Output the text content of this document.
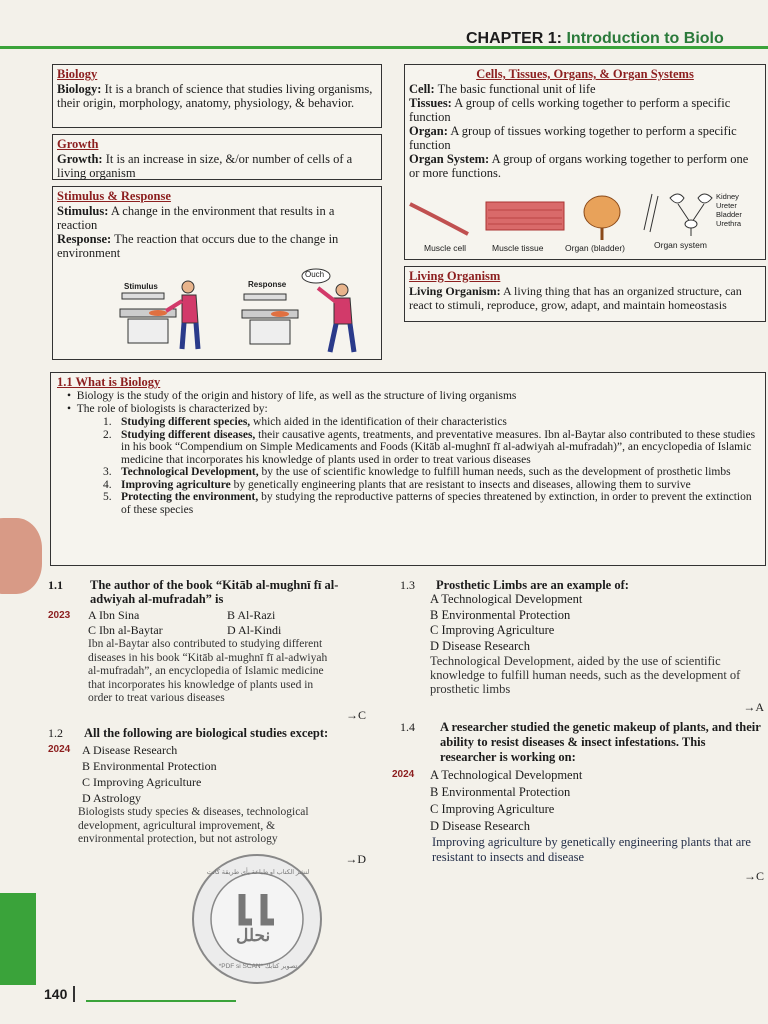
CHAPTER 1: Introduction to Biolo
Biology

Biology: It is a branch of science that studies living organisms, their origin, morphology, anatomy, physiology, & behavior.

Growth

Growth: It is an increase in size, &/or number of cells of a living organism

Stimulus & Response

Stimulus: A change in the environment that results in a reaction

Response: The reaction that occurs due to the change in environment

Stimulus	Response
Ouch
Cells, Tissues, Organs, & Organ Systems

Cell: The basic functional unit of life

Tissues: A group of cells working together to perform a specific function

Organ: A group of tissues working together to perform a specific function

Organ System: A group of organs working together to perform one or more functions.

Kidney
Ureter
Bladder
Urethra
Muscle cell	Muscle tissue	Organ (bladder)	Organ system
Living Organism

Living Organism: A living thing that has an organized structure, can react to stimuli, reproduce, grow, adapt, and maintain homeostasis

1.1 What is Biology
•  Biology is the study of the origin and history of life, as well as the structure of living organisms
•  The role of biologists is characterized by:
1. Studying different species, which aided in the identification of their characteristics
2. Studying different diseases, their causative agents, treatments, and preventative measures. Ibn al-Baytar also contributed to these studies in his book “Compendium on Simple Medicaments and Foods (Kitāb al-mughnī fī al-adwiyah al-mufradah)”, an encyclopedia of Islamic medicine that incorporates his knowledge of plants used in order to treat various diseases
3. Technological Development, by the use of scientific knowledge to fulfill human needs, such as the development of prosthetic limbs
4. Improving agriculture by genetically engineering plants that are resistant to insects and diseases, allowing them to survive
5. Protecting the environment, by studying the reproductive patterns of species threatened by extinction, in order to prevent the extinction of these species
1.1	The author of the book “Kitāb al-mughnī fī al-adwiyah al-mufradah” is
2023	A Ibn Sina	B Al-Razi
C Ibn al-Baytar	D Al-Kindi
Ibn al-Baytar also contributed to studying different diseases in his book “Kitāb al-mughnī fī al-adwiyah al-mufradah”, an encyclopedia of Islamic medicine that incorporates his knowledge of plants used in order to treat various diseases
→C
1.2	All the following are biological studies except:
2024 A Disease Research
B Environmental Protection
C Improving Agriculture
D Astrology
Biologists study species & diseases, technological development, agricultural improvement, & environmental protection, but not astrology
→D
1.3	Prosthetic Limbs are an example of:
A Technological Development
B Environmental Protection
C Improving Agriculture
D Disease Research
Technological Development, aided by the use of scientific knowledge to fulfill human needs, such as the development of prosthetic limbs
→A
1.4	A researcher studied the genetic makeup of plants, and their ability to resist diseases & insect infestations. This researcher is working on:
2024	A Technological Development
B Environmental Protection
C Improving Agriculture
D Disease Research
Improving agriculture by genetically engineering plants that are resistant to insects and disease
→C
نحلل
لنشر الكتاب او طباعة بأي طريقة كانت
*PDF si SCAN* تصوير كتابك
140
